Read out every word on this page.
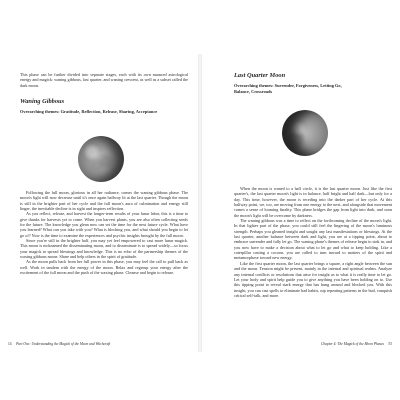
This phase can be further divided into separate stages, each with its own nuanced astrological energy and magick: waning gibbous, last quarter, and waning crescent, as well as a subset called the dark moon.

Waning Gibbous

Overarching themes: Gratitude, Reflection, Release, Sharing, Acceptance

Following the full moon, glorious in all her radiance, comes the waning gibbous phase. The moon's light will now decrease until it's once again halfway lit at the last quarter. Though the moon is still in the brighter part of her cycle and the full moon's aura of culmination and energy still linger, the inevitable decline is in sight and inspires reflection.

As you reflect, release, and harvest the longer-term results of your lunar labor, this is a time to give thanks for harvests yet to come. When you harvest plants, you are also often collecting seeds for the future. The knowledge you glean now can set the time for the next future cycle. What have you learned? What can you take with you? What is blocking you, and what should you begin to let go of? Now is the time to examine the experiences and psychic insights brought by the full moon.

Since you're still in the brighter half, you may yet feel empowered to cast more lunar magick. This moon is nicknamed the disseminating moon, and to disseminate is to spread widely—so focus your magick to spread blessings and knowledge. This is no echo of the partnership themes of the waxing gibbous moon: Share and help others in the spirit of gratitude.

As the moon pulls back from her full power in this phase, you may feel the call to pull back as well. Work in tandem with the energy of the moon. Relax and regroup your energy after the excitement of the full moon and the push of the waxing phase. Cleanse and begin to release.

14 Part One: Understanding the Magick of the Moon and Witchcraft

Last Quarter Moon

Overarching themes: Surrender, Forgiveness, Letting Go, Balance, Crossroads

When the moon is waned to a half circle, it is the last quarter moon. Just like the first quarter's, the last quarter moon's light is in balance, half bright and half dark—but only for a day. This time, however, the moon is receding into the darker part of her cycle. At this halfway point, we, too, are moving from one energy to the next, and alongside that movement comes a sense of looming finality. This phase bridges the gap from light into dark, and soon the moon's light will be overcome by darkness.

The waning gibbous was a time to reflect on the forthcoming decline of the moon's light. In that lighter part of the phase, you could still feel the lingering of the moon's luminous strength. Perhaps you gleaned insight and sought any last manifestations or blessings. At the last quarter, another balance between dark and light, you are at a tipping point, about to embrace surrender and fully let go. The waning phase's themes of release begin to sink in, and you now have to make a decision about what to let go and what to keep holding. Like a caterpillar casting a cocoon, you are called to turn inward to matters of the spirit and metamorphose toward new energy.

Like the first quarter moon, the last quarter brings a square, a right angle between the sun and the moon. Tension might be present, mainly in the internal and spiritual realms. Analyze any internal conflicts or resolutions that arise for insight as to what it is really time to let go. Let your body and spirit help guide you to give anything you have been holding on to. Use this tipping point to reveal stark energy that has hung around and blocked you. With this insight, you can cast spells to eliminate bad habits, nip repeating patterns in the bud, vanquish critical self-talk, and more.

Chapter 4: The Magick of the Moon Phases 55
